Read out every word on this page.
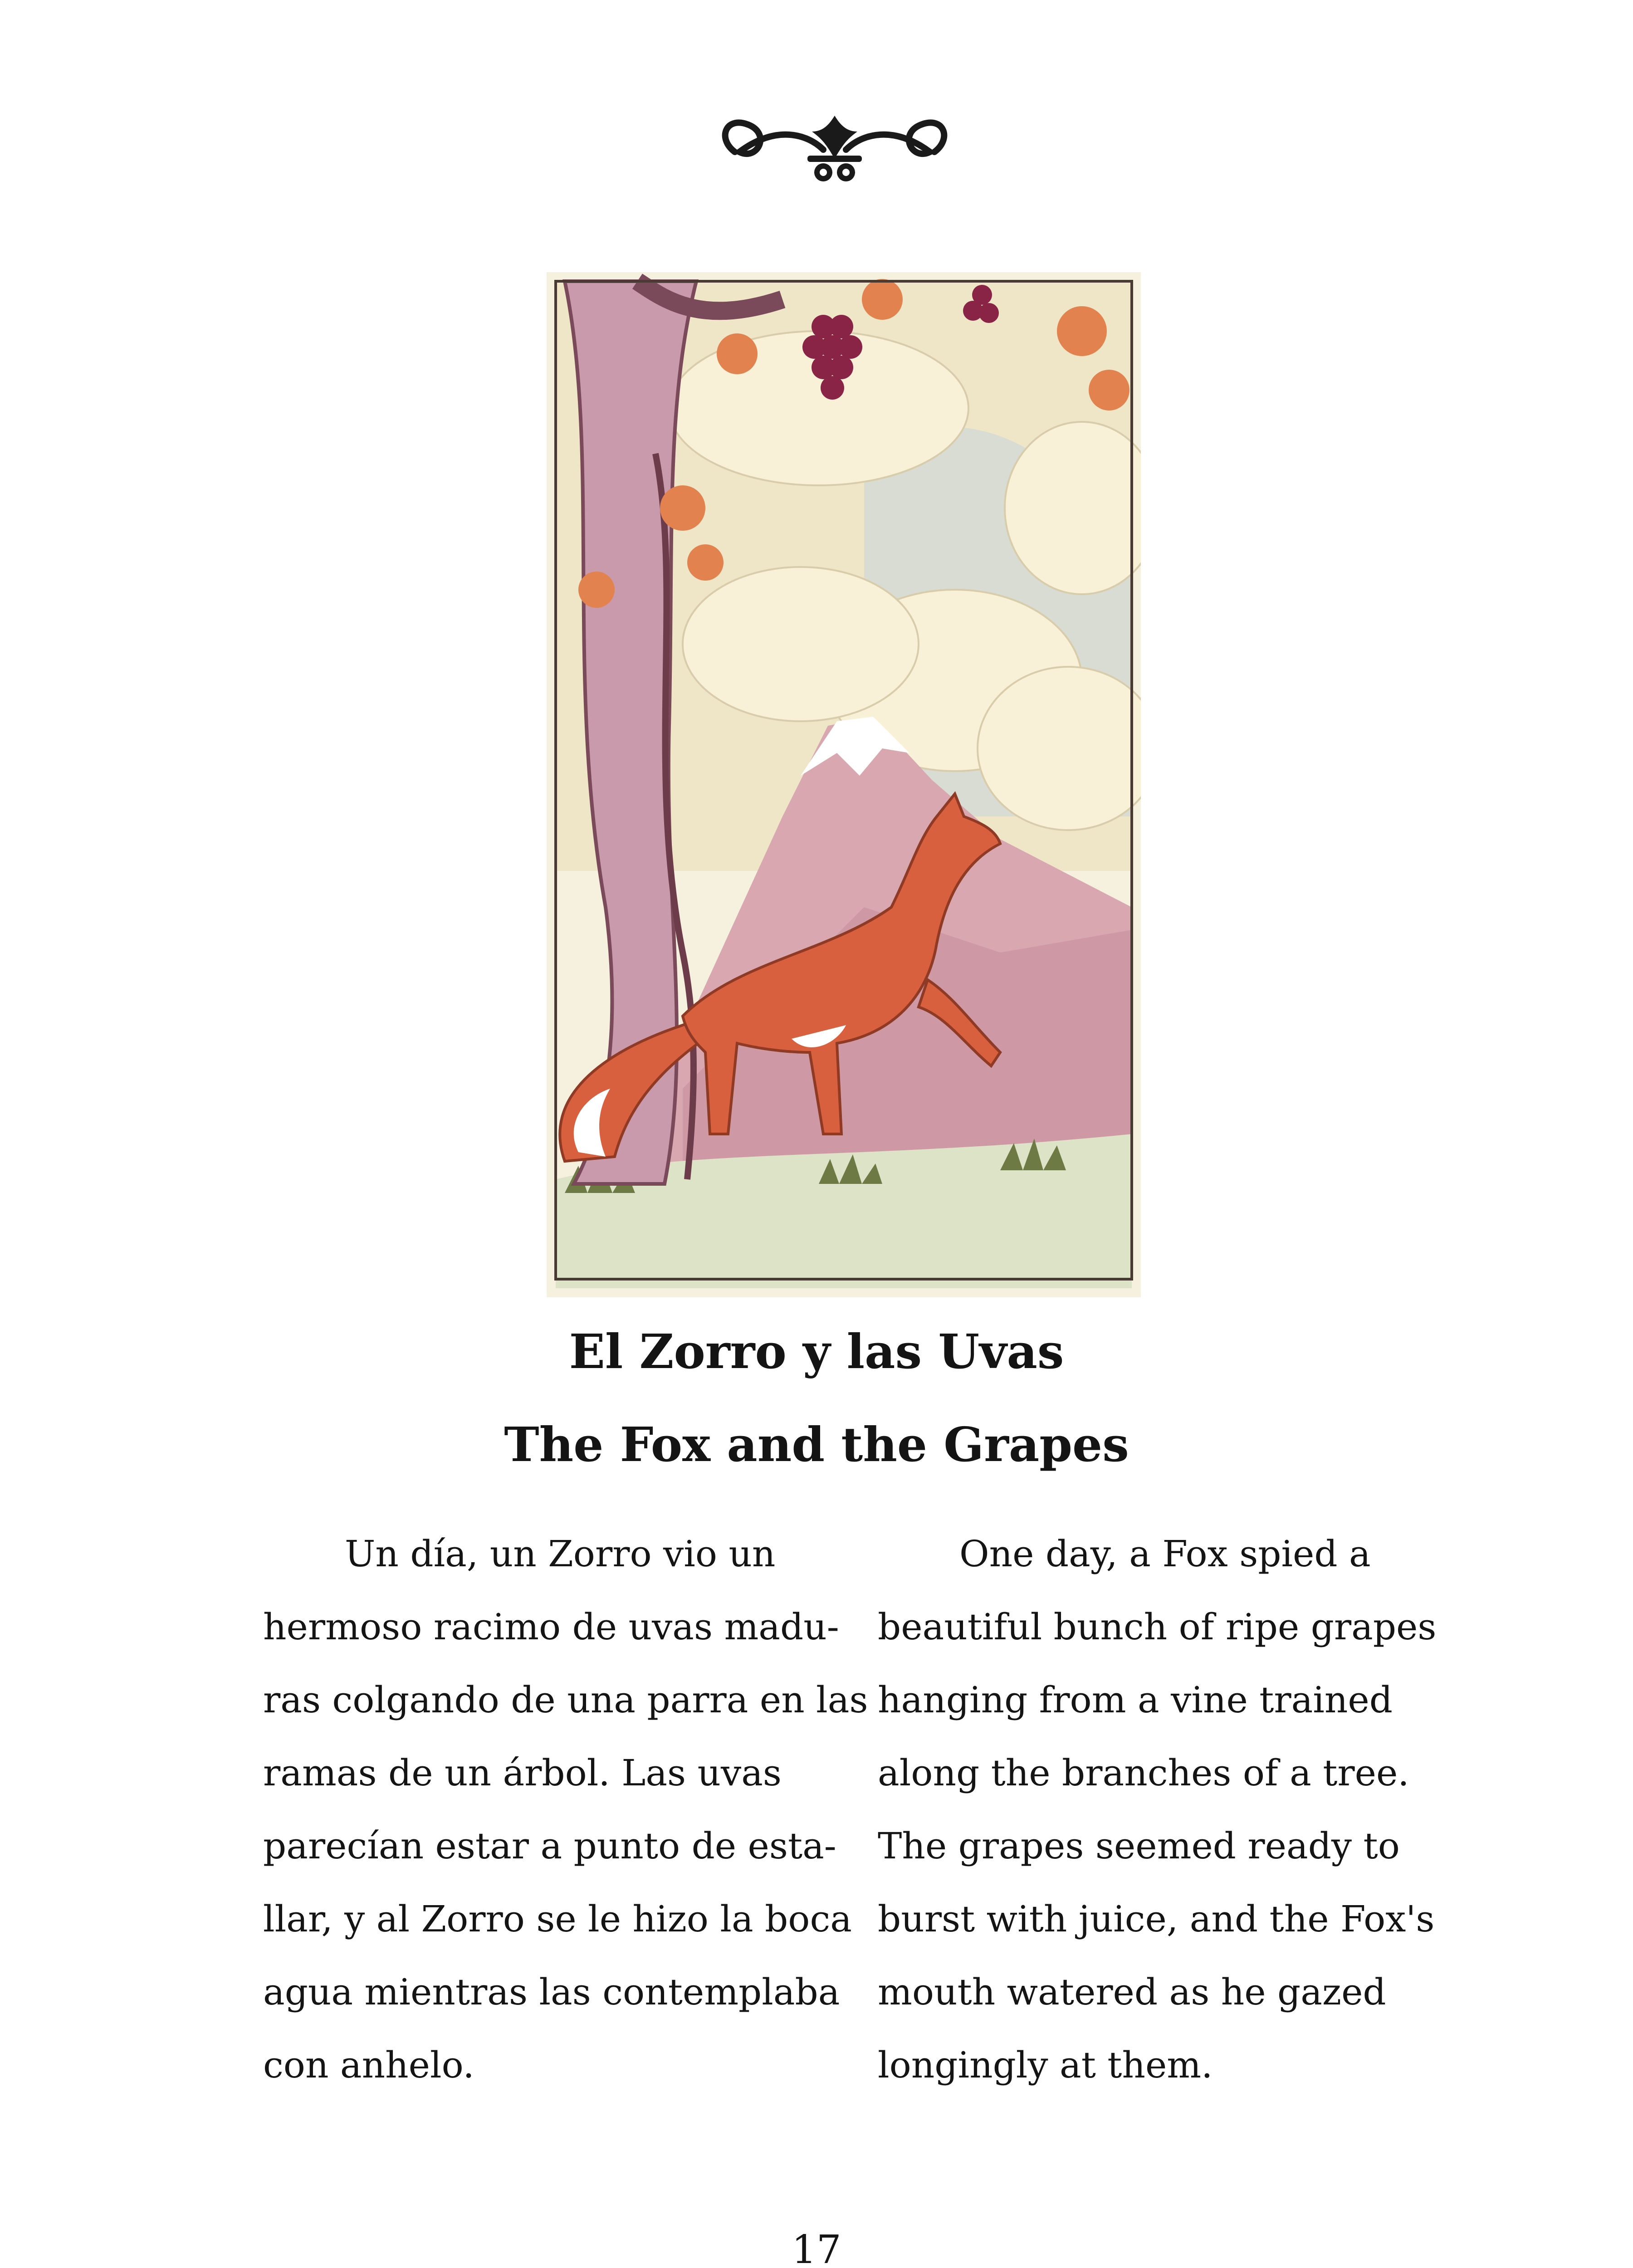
El Zorro y las Uvas
The Fox and the Grapes

Un día, un Zorro vio un
hermoso racimo de uvas madu-
ras colgando de una parra en las
ramas de un árbol. Las uvas
parecían estar a punto de esta-
llar, y al Zorro se le hizo la boca
agua mientras las contemplaba
con anhelo.

One day, a Fox spied a
beautiful bunch of ripe grapes
hanging from a vine trained
along the branches of a tree.
The grapes seemed ready to
burst with juice, and the Fox's
mouth watered as he gazed
longingly at them.

17
